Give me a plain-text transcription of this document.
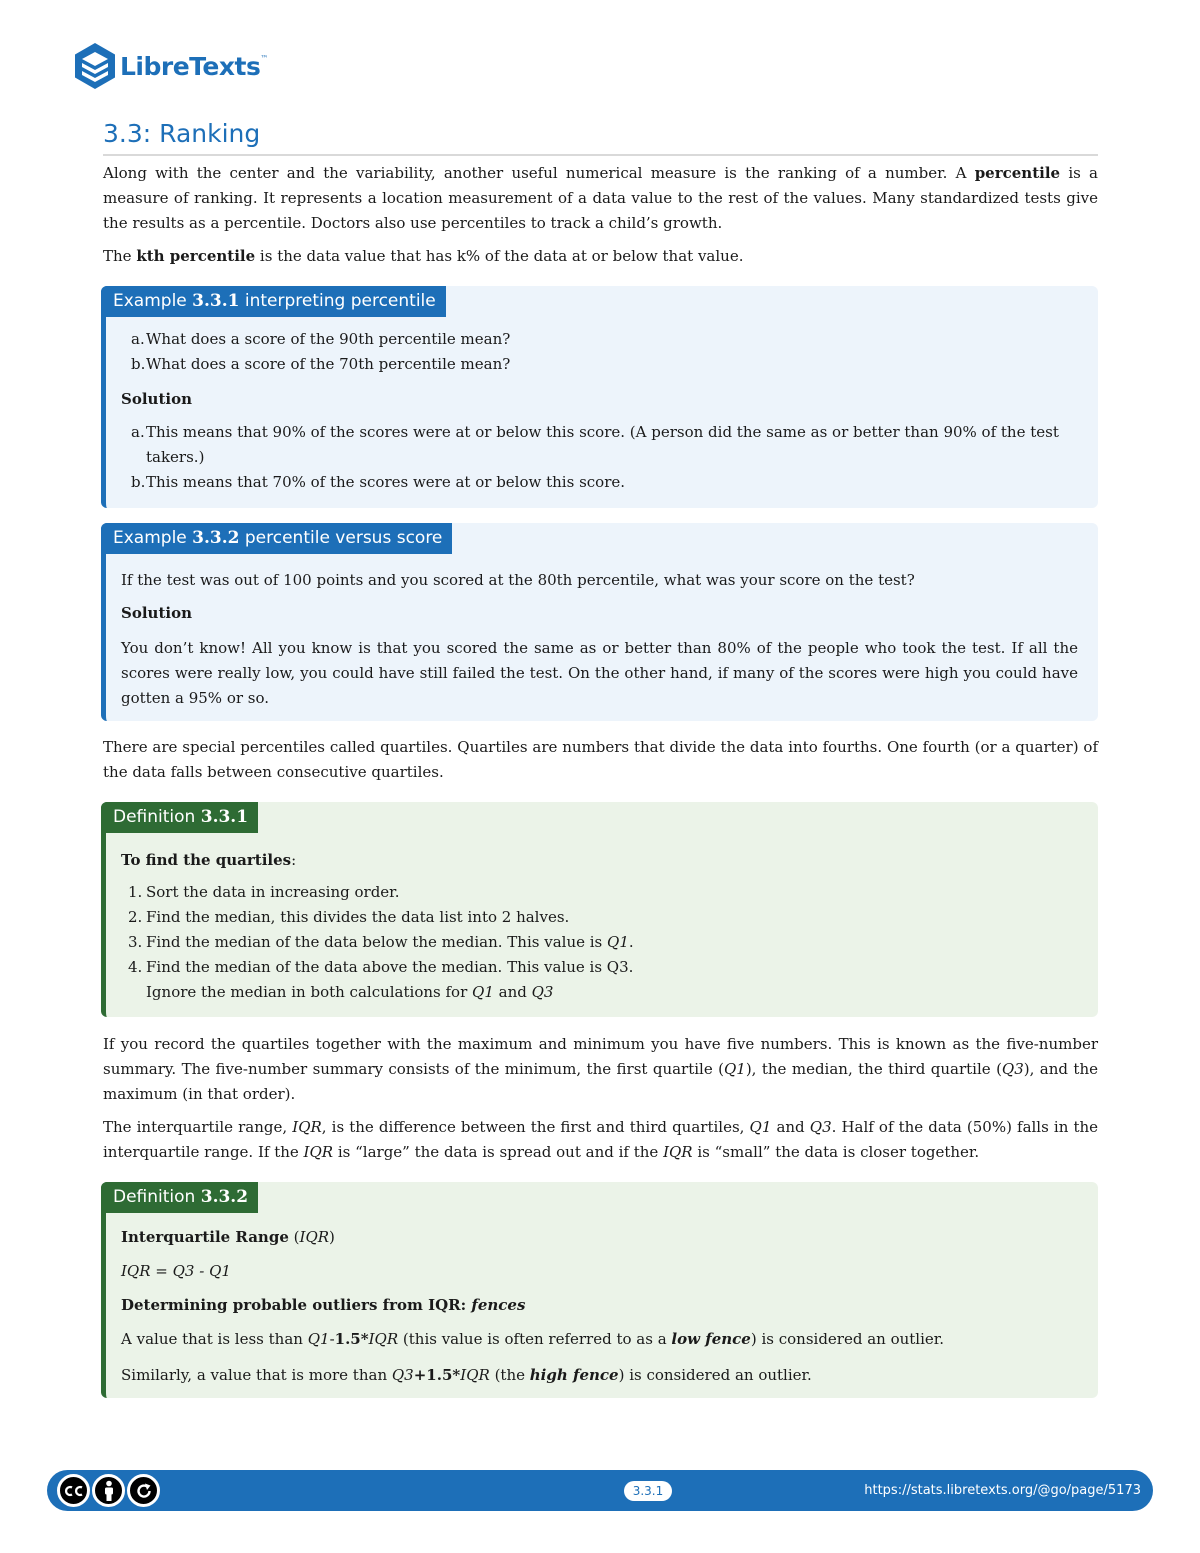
LibreTexts ™
3.3: Ranking

Along with the center and the variability, another useful numerical measure is the ranking of a number. A percentile is a measure of ranking. It represents a location measurement of a data value to the rest of the values. Many standardized tests give the results as a percentile. Doctors also use percentiles to track a child’s growth.

The kth percentile is the data value that has k% of the data at or below that value.

Example 3.3.1 interpreting percentile
a. What does a score of the 90th percentile mean?
b. What does a score of the 70th percentile mean?

Solution

a. This means that 90% of the scores were at or below this score. (A person did the same as or better than 90% of the test takers.)
b. This means that 70% of the scores were at or below this score.
Example 3.3.2 percentile versus score

If the test was out of 100 points and you scored at the 80th percentile, what was your score on the test?

Solution

You don’t know! All you know is that you scored the same as or better than 80% of the people who took the test. If all the scores were really low, you could have still failed the test. On the other hand, if many of the scores were high you could have gotten a 95% or so.

There are special percentiles called quartiles. Quartiles are numbers that divide the data into fourths. One fourth (or a quarter) of the data falls between consecutive quartiles.

Definition 3.3.1

To find the quartiles:

1. Sort the data in increasing order.
2. Find the median, this divides the data list into 2 halves.
3. Find the median of the data below the median. This value is Q1.
4. Find the median of the data above the median. This value is Q3.
Ignore the median in both calculations for Q1 and Q3

If you record the quartiles together with the maximum and minimum you have five numbers. This is known as the five-number summary. The five-number summary consists of the minimum, the first quartile (Q1), the median, the third quartile (Q3), and the maximum (in that order).

The interquartile range, IQR, is the difference between the first and third quartiles, Q1 and Q3. Half of the data (50%) falls in the interquartile range. If the IQR is “large” the data is spread out and if the IQR is “small” the data is closer together.

Definition 3.3.2

Interquartile Range (IQR)

IQR = Q3 - Q1

Determining probable outliers from IQR: fences

A value that is less than Q1-1.5*IQR (this value is often referred to as a low fence) is considered an outlier.

Similarly, a value that is more than Q3+1.5*IQR (the high fence) is considered an outlier.

3.3.1	https://stats.libretexts.org/@go/page/5173
